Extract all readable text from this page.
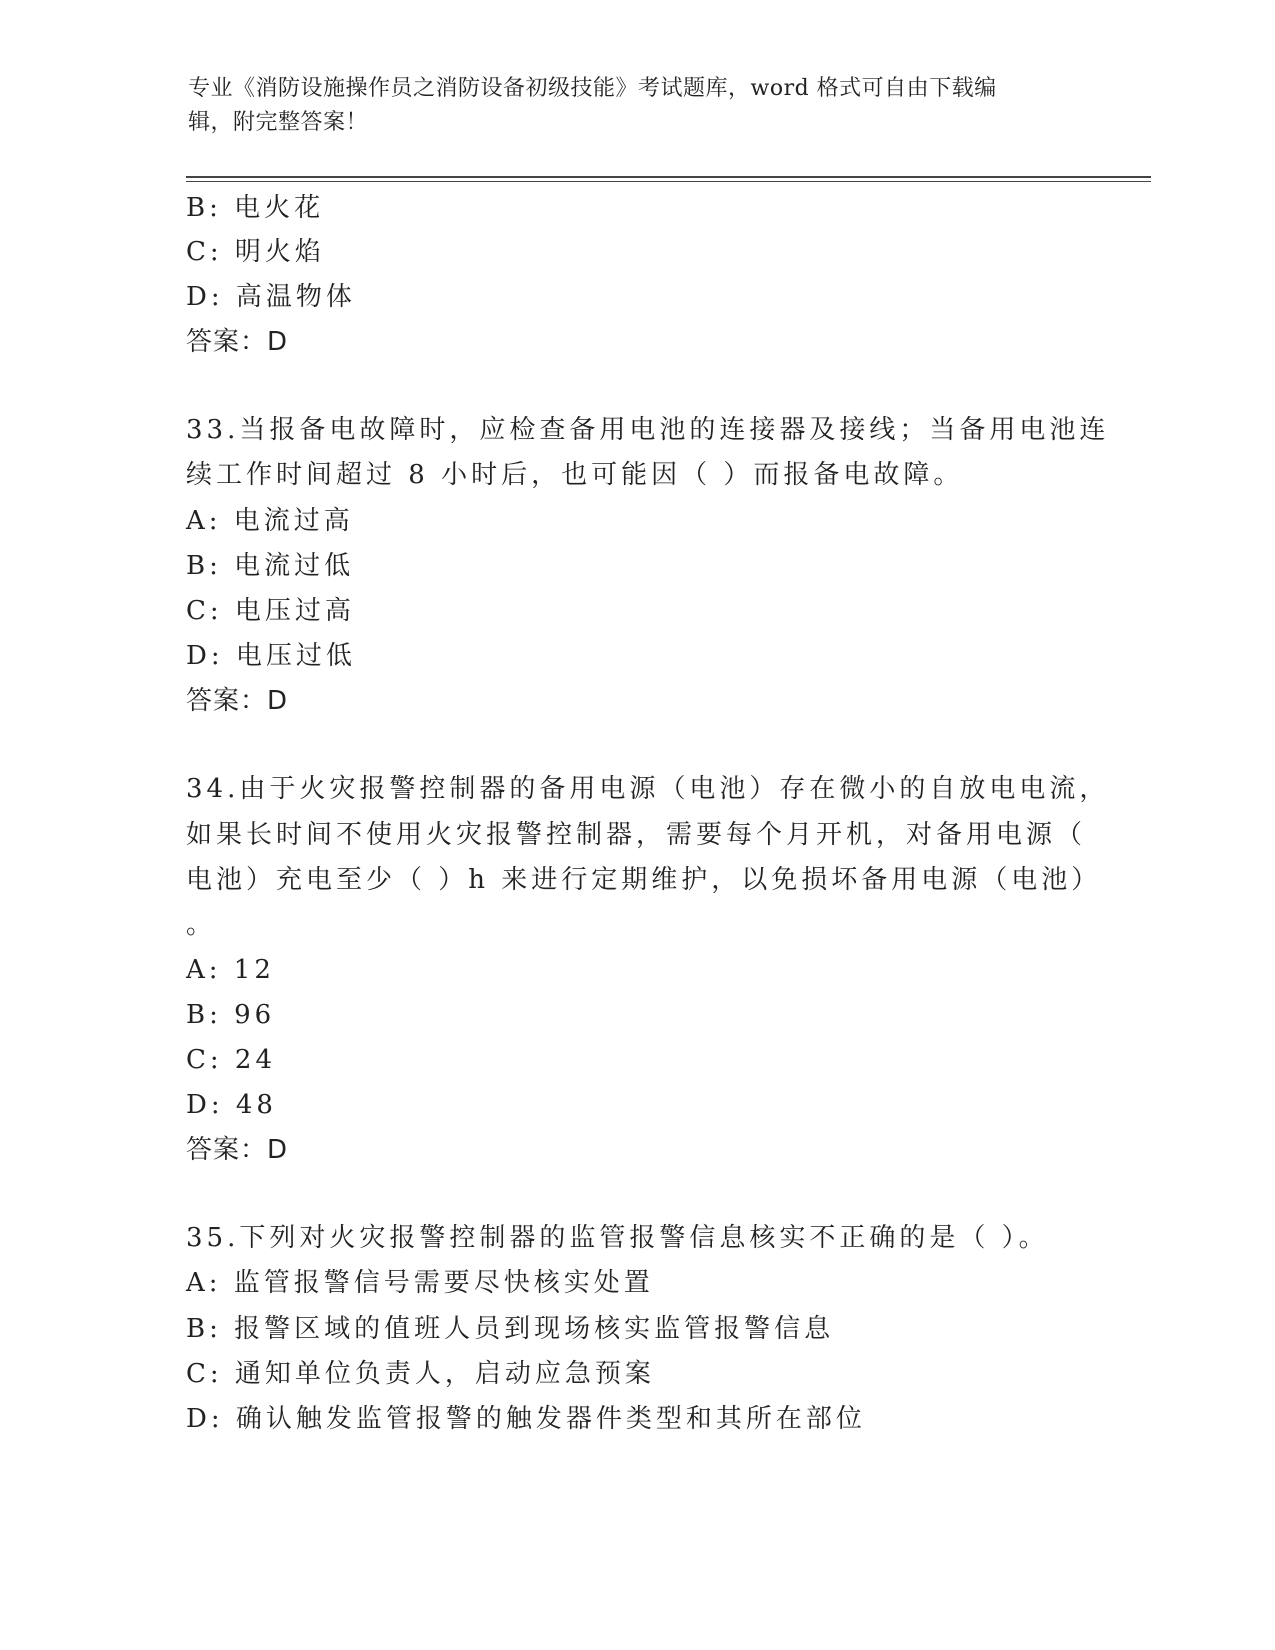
专业《消防设施操作员之消防设备初级技能》考试题库，word 格式可自由下载编
辑，附完整答案！
B: 电火花
C: 明火焰
D: 高温物体
答案：D
33.当报备电故障时，应检查备用电池的连接器及接线；当备用电池连
续工作时间超过 8 小时后，也可能因（ ）而报备电故障。
A: 电流过高
B: 电流过低
C: 电压过高
D: 电压过低
答案：D
34.由于火灾报警控制器的备用电源（电池）存在微小的自放电电流，
如果长时间不使用火灾报警控制器，需要每个月开机，对备用电源（
电池）充电至少（ ）h 来进行定期维护，以免损坏备用电源（电池）
。
A: 12
B: 96
C: 24
D: 48
答案：D
35.下列对火灾报警控制器的监管报警信息核实不正确的是（ ）。
A: 监管报警信号需要尽快核实处置
B: 报警区域的值班人员到现场核实监管报警信息
C: 通知单位负责人，启动应急预案
D: 确认触发监管报警的触发器件类型和其所在部位
